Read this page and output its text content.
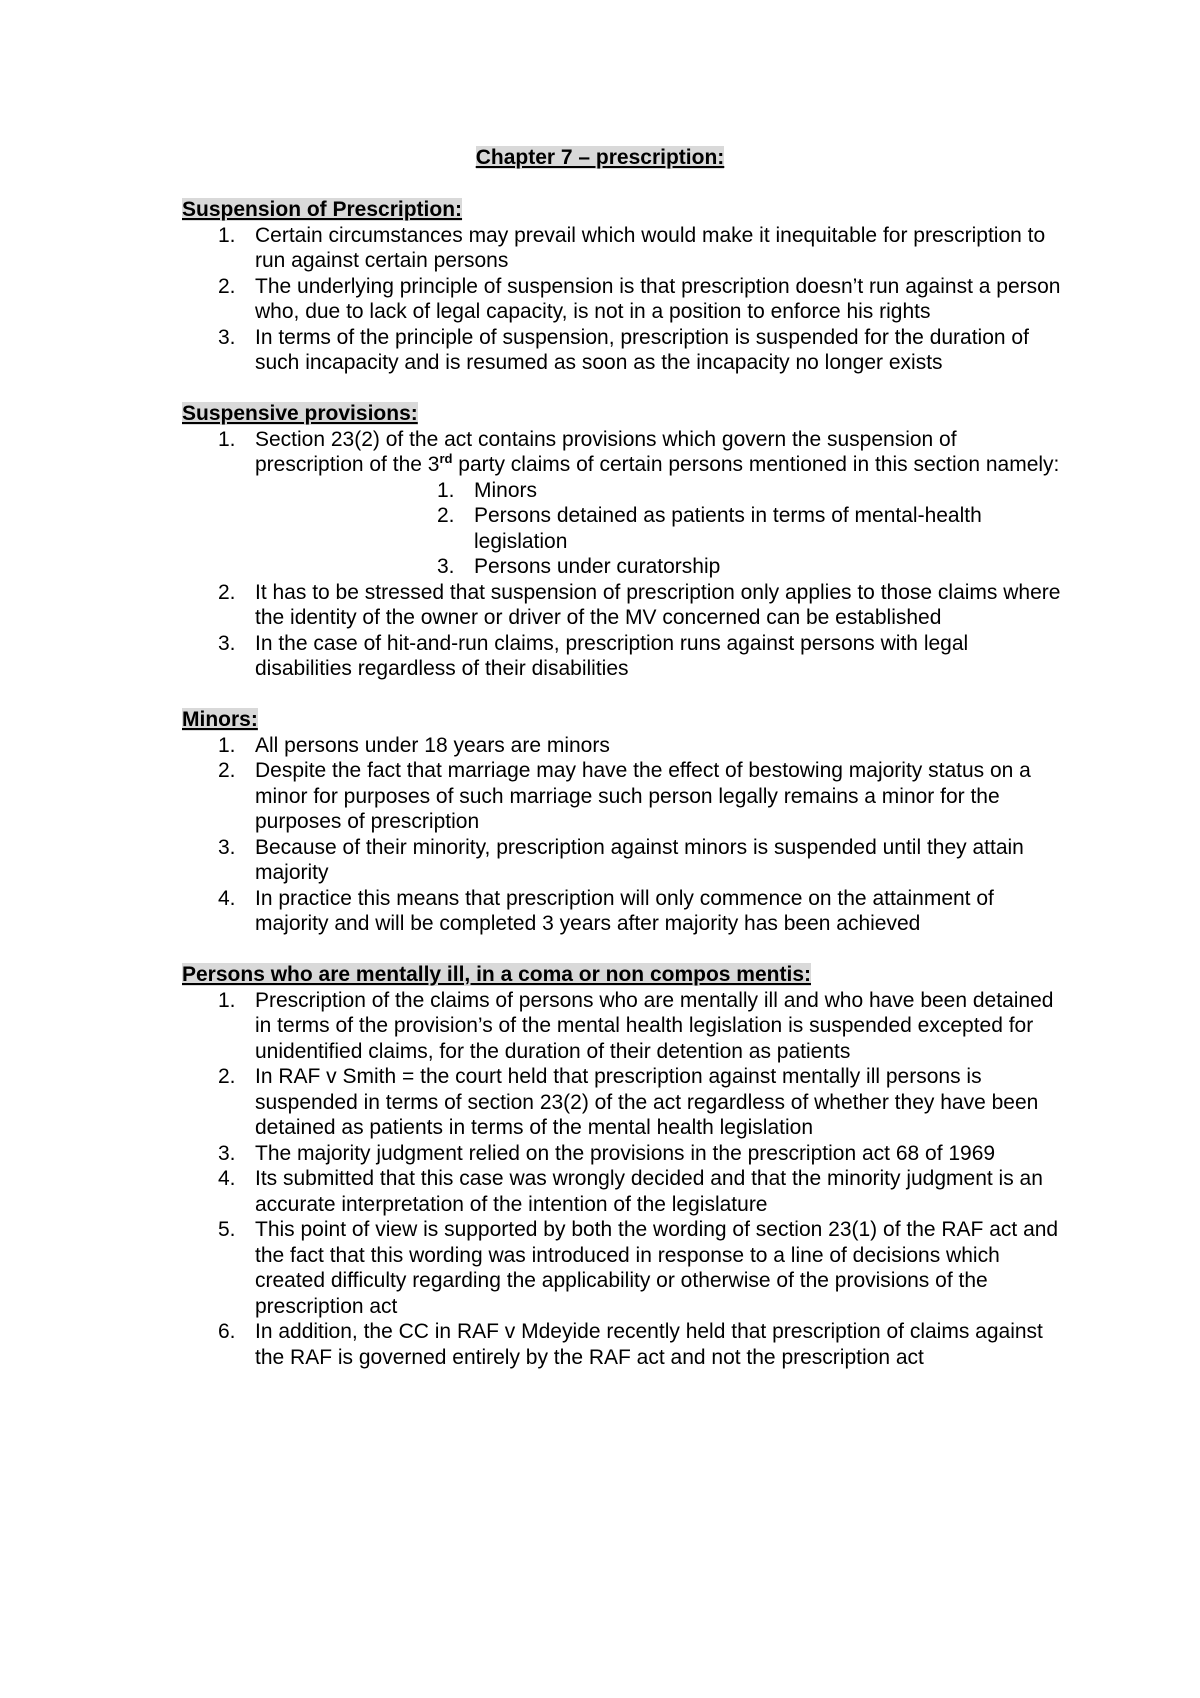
Chapter 7 – prescription:

Suspension of Prescription:

1. Certain circumstances may prevail which would make it inequitable for prescription to run against certain persons
2. The underlying principle of suspension is that prescription doesn’t run against a person who, due to lack of legal capacity, is not in a position to enforce his rights
3. In terms of the principle of suspension, prescription is suspended for the duration of such incapacity and is resumed as soon as the incapacity no longer exists

Suspensive provisions:

1. Section 23(2) of the act contains provisions which govern the suspension of prescription of the 3rd party claims of certain persons mentioned in this section namely:
1. Minors
2. Persons detained as patients in terms of mental-health legislation
3. Persons under curatorship
2. It has to be stressed that suspension of prescription only applies to those claims where the identity of the owner or driver of the MV concerned can be established
3. In the case of hit-and-run claims, prescription runs against persons with legal disabilities regardless of their disabilities

Minors:

1. All persons under 18 years are minors
2. Despite the fact that marriage may have the effect of bestowing majority status on a minor for purposes of such marriage such person legally remains a minor for the purposes of prescription
3. Because of their minority, prescription against minors is suspended until they attain majority
4. In practice this means that prescription will only commence on the attainment of majority and will be completed 3 years after majority has been achieved

Persons who are mentally ill, in a coma or non compos mentis:

1. Prescription of the claims of persons who are mentally ill and who have been detained in terms of the provision’s of the mental health legislation is suspended excepted for unidentified claims, for the duration of their detention as patients
2. In RAF v Smith = the court held that prescription against mentally ill persons is suspended in terms of section 23(2) of the act regardless of whether they have been detained as patients in terms of the mental health legislation
3. The majority judgment relied on the provisions in the prescription act 68 of 1969
4. Its submitted that this case was wrongly decided and that the minority judgment is an accurate interpretation of the intention of the legislature
5. This point of view is supported by both the wording of section 23(1) of the RAF act and the fact that this wording was introduced in response to a line of decisions which created difficulty regarding the applicability or otherwise of the provisions of the prescription act
6. In addition, the CC in RAF v Mdeyide recently held that prescription of claims against the RAF is governed entirely by the RAF act and not the prescription act
